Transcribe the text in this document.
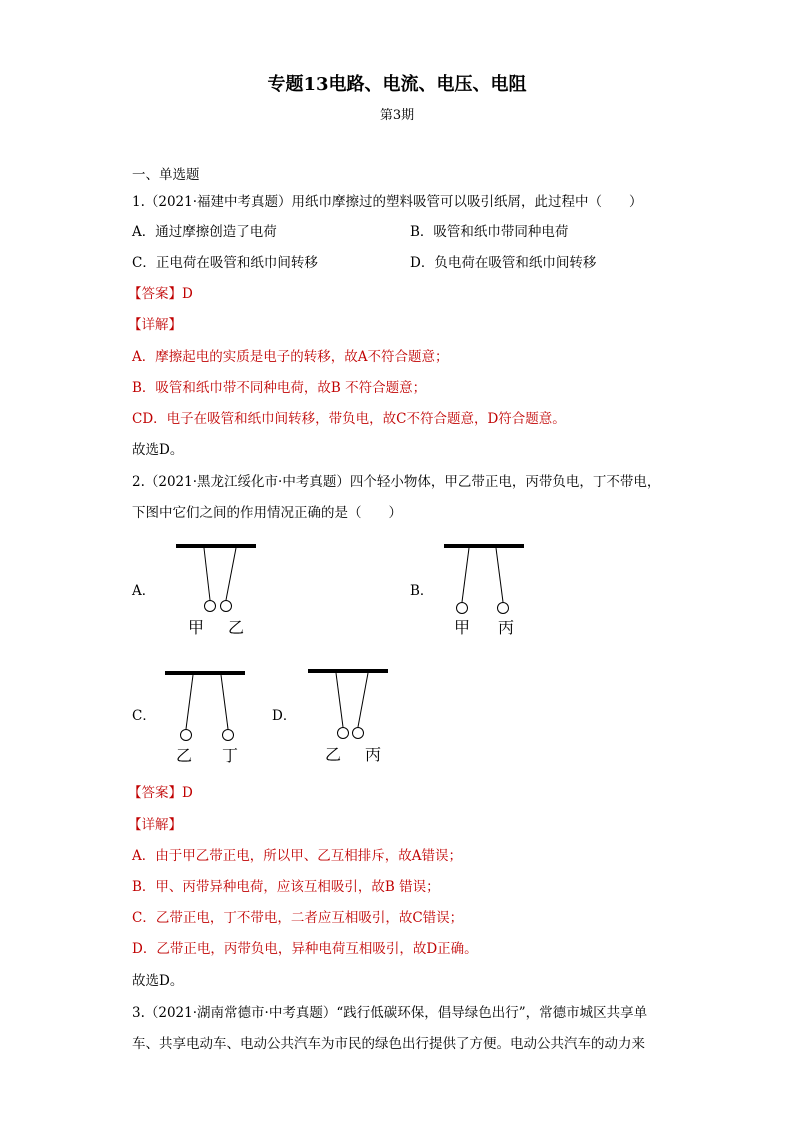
专题13电路、电流、电压、电阻
第3期
一、单选题
1.（2021·福建中考真题）用纸巾摩擦过的塑料吸管可以吸引纸屑，此过程中（　　）
A．通过摩擦创造了电荷	B．吸管和纸巾带同种电荷
C．正电荷在吸管和纸巾间转移	D．负电荷在吸管和纸巾间转移
【答案】D
【详解】
A．摩擦起电的实质是电子的转移，故A不符合题意；
B．吸管和纸巾带不同种电荷，故B 不符合题意；
CD．电子在吸管和纸巾间转移，带负电，故C不符合题意，D符合题意。
故选D。
2.（2021·黑龙江绥化市·中考真题）四个轻小物体，甲乙带正电，丙带负电，丁不带电，
下图中它们之间的作用情况正确的是（　　）
A．
甲 乙
B．
甲 丙
C．
乙 丁
D．
乙 丙
【答案】D
【详解】
A．由于甲乙带正电，所以甲、乙互相排斥，故A错误；
B．甲、丙带异种电荷，应该互相吸引，故B 错误；
C．乙带正电，丁不带电，二者应互相吸引，故C错误；
D．乙带正电，丙带负电，异种电荷互相吸引，故D正确。
故选D。
3.（2021·湖南常德市·中考真题）“践行低碳环保，倡导绿色出行”，常德市城区共享单
车、共享电动车、电动公共汽车为市民的绿色出行提供了方便。电动公共汽车的动力来
